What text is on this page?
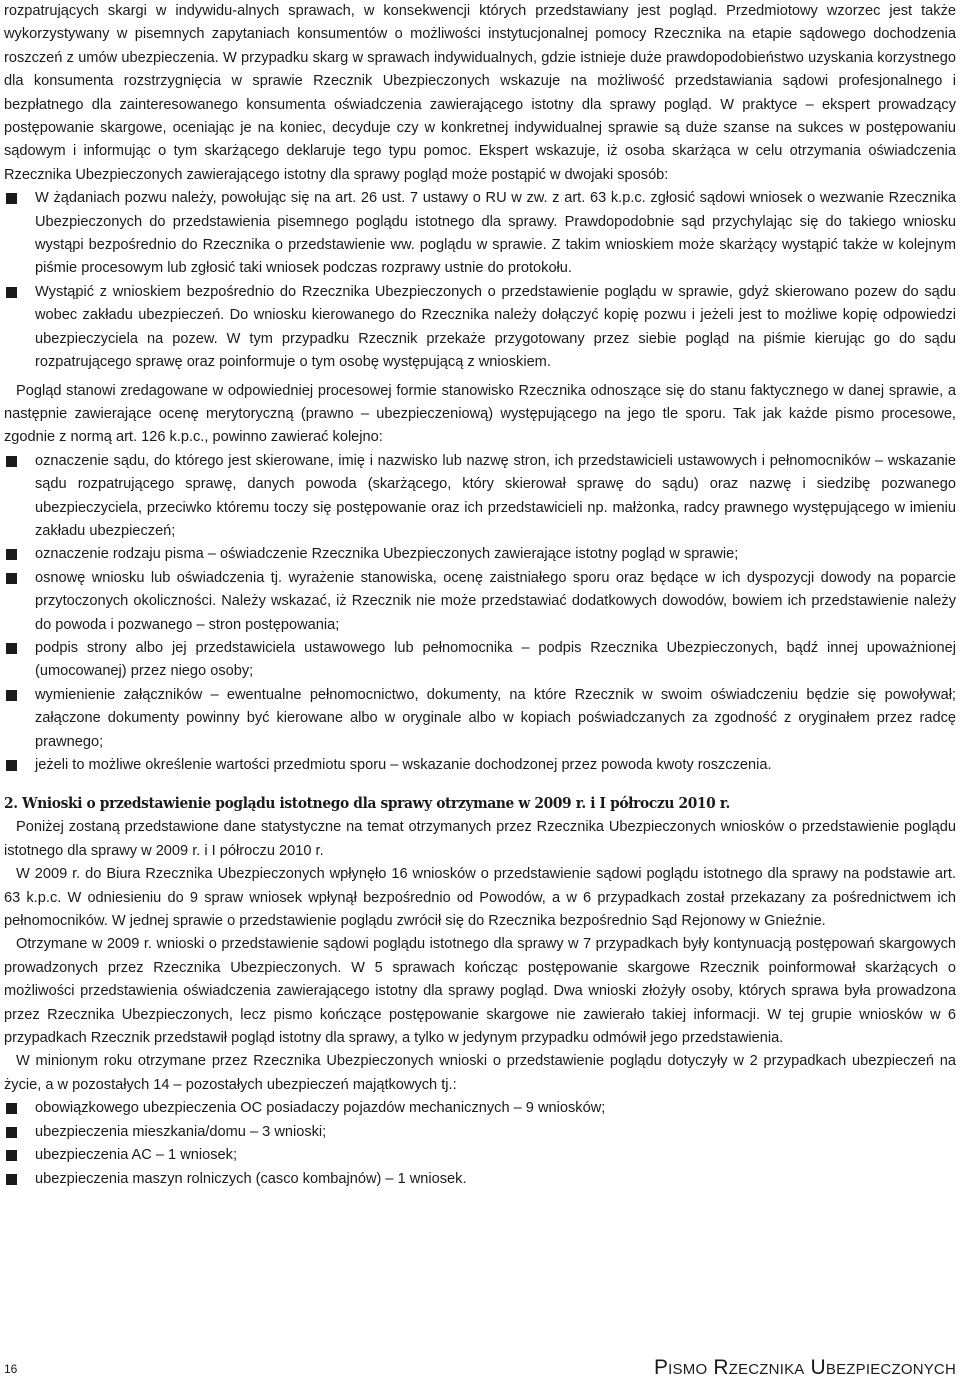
rozpatrujących skargi w indywidu-alnych sprawach, w konsekwencji których przedstawiany jest pogląd. Przedmiotowy wzorzec jest także wykorzystywany w pisemnych zapytaniach konsumentów o możliwości instytucjonalnej pomocy Rzecznika na etapie sądowego dochodzenia roszczeń z umów ubezpieczenia. W przypadku skarg w sprawach indywidualnych, gdzie istnieje duże prawdopodobieństwo uzyskania korzystnego dla konsumenta rozstrzygnięcia w sprawie Rzecznik Ubezpieczonych wskazuje na możliwość przedstawiania sądowi profesjonalnego i bezpłatnego dla zainteresowanego konsumenta oświadczenia zawierającego istotny dla sprawy pogląd. W praktyce – ekspert prowadzący postępowanie skargowe, oceniając je na koniec, decyduje czy w konkretnej indywidualnej sprawie są duże szanse na sukces w postępowaniu sądowym i informując o tym skarżącego deklaruje tego typu pomoc. Ekspert wskazuje, iż osoba skarżąca w celu otrzymania oświadczenia Rzecznika Ubezpieczonych zawierającego istotny dla sprawy pogląd może postąpić w dwojaki sposób:

W żądaniach pozwu należy, powołując się na art. 26 ust. 7 ustawy o RU w zw. z art. 63 k.p.c. zgłosić sądowi wniosek o wezwanie Rzecznika Ubezpieczonych do przedstawienia pisemnego poglądu istotnego dla sprawy. Prawdopodobnie sąd przychylając się do takiego wniosku wystąpi bezpośrednio do Rzecznika o przedstawienie ww. poglądu w sprawie. Z takim wnioskiem może skarżący wystąpić także w kolejnym piśmie procesowym lub zgłosić taki wniosek podczas rozprawy ustnie do protokołu.
Wystąpić z wnioskiem bezpośrednio do Rzecznika Ubezpieczonych o przedstawienie poglądu w sprawie, gdyż skierowano pozew do sądu wobec zakładu ubezpieczeń. Do wniosku kierowanego do Rzecznika należy dołączyć kopię pozwu i jeżeli jest to możliwe kopię odpowiedzi ubezpieczyciela na pozew. W tym przypadku Rzecznik przekaże przygotowany przez siebie pogląd na piśmie kierując go do sądu rozpatrującego sprawę oraz poinformuje o tym osobę występującą z wnioskiem.

Pogląd stanowi zredagowane w odpowiedniej procesowej formie stanowisko Rzecznika odnoszące się do stanu faktycznego w danej sprawie, a następnie zawierające ocenę merytoryczną (prawno – ubezpieczeniową) występującego na jego tle sporu. Tak jak każde pismo procesowe, zgodnie z normą art. 126 k.p.c., powinno zawierać kolejno:

oznaczenie sądu, do którego jest skierowane, imię i nazwisko lub nazwę stron, ich przedstawicieli ustawowych i pełnomocników – wskazanie sądu rozpatrującego sprawę, danych powoda (skarżącego, który skierował sprawę do sądu) oraz nazwę i siedzibę pozwanego ubezpieczyciela, przeciwko któremu toczy się postępowanie oraz ich przedstawicieli np. małżonka, radcy prawnego występującego w imieniu zakładu ubezpieczeń;
oznaczenie rodzaju pisma – oświadczenie Rzecznika Ubezpieczonych zawierające istotny pogląd w sprawie;
osnowę wniosku lub oświadczenia tj. wyrażenie stanowiska, ocenę zaistniałego sporu oraz będące w ich dyspozycji dowody na poparcie przytoczonych okoliczności. Należy wskazać, iż Rzecznik nie może przedstawiać dodatkowych dowodów, bowiem ich przedstawienie należy do powoda i pozwanego – stron postępowania;
podpis strony albo jej przedstawiciela ustawowego lub pełnomocnika – podpis Rzecznika Ubezpieczonych, bądź innej upoważnionej (umocowanej) przez niego osoby;
wymienienie załączników – ewentualne pełnomocnictwo, dokumenty, na które Rzecznik w swoim oświadczeniu będzie się powoływał; załączone dokumenty powinny być kierowane albo w oryginale albo w kopiach poświadczanych za zgodność z oryginałem przez radcę prawnego;
jeżeli to możliwe określenie wartości przedmiotu sporu – wskazanie dochodzonej przez powoda kwoty roszczenia.
2. Wnioski o przedstawienie poglądu istotnego dla sprawy otrzymane w 2009 r. i I półroczu 2010 r.

Poniżej zostaną przedstawione dane statystyczne na temat otrzymanych przez Rzecznika Ubezpieczonych wniosków o przedstawienie poglądu istotnego dla sprawy w 2009 r. i I półroczu 2010 r.

W 2009 r. do Biura Rzecznika Ubezpieczonych wpłynęło 16 wniosków o przedstawienie sądowi poglądu istotnego dla sprawy na podstawie art. 63 k.p.c. W odniesieniu do 9 spraw wniosek wpłynął bezpośrednio od Powodów, a w 6 przypadkach został przekazany za pośrednictwem ich pełnomocników. W jednej sprawie o przedstawienie poglądu zwrócił się do Rzecznika bezpośrednio Sąd Rejonowy w Gnieźnie.

Otrzymane w 2009 r. wnioski o przedstawienie sądowi poglądu istotnego dla sprawy w 7 przypadkach były kontynuacją postępowań skargowych prowadzonych przez Rzecznika Ubezpieczonych. W 5 sprawach kończąc postępowanie skargowe Rzecznik poinformował skarżących o możliwości przedstawienia oświadczenia zawierającego istotny dla sprawy pogląd. Dwa wnioski złożyły osoby, których sprawa była prowadzona przez Rzecznika Ubezpieczonych, lecz pismo kończące postępowanie skargowe nie zawierało takiej informacji. W tej grupie wniosków w 6 przypadkach Rzecznik przedstawił pogląd istotny dla sprawy, a tylko w jedynym przypadku odmówił jego przedstawienia.

W minionym roku otrzymane przez Rzecznika Ubezpieczonych wnioski o przedstawienie poglądu dotyczyły w 2 przypadkach ubezpieczeń na życie, a w pozostałych 14 – pozostałych ubezpieczeń majątkowych tj.:

obowiązkowego ubezpieczenia OC posiadaczy pojazdów mechanicznych – 9 wniosków;
ubezpieczenia mieszkania/domu – 3 wnioski;
ubezpieczenia AC – 1 wniosek;
ubezpieczenia maszyn rolniczych (casco kombajnów) – 1 wniosek.
16	Pismo Rzecznika Ubezpieczonych
